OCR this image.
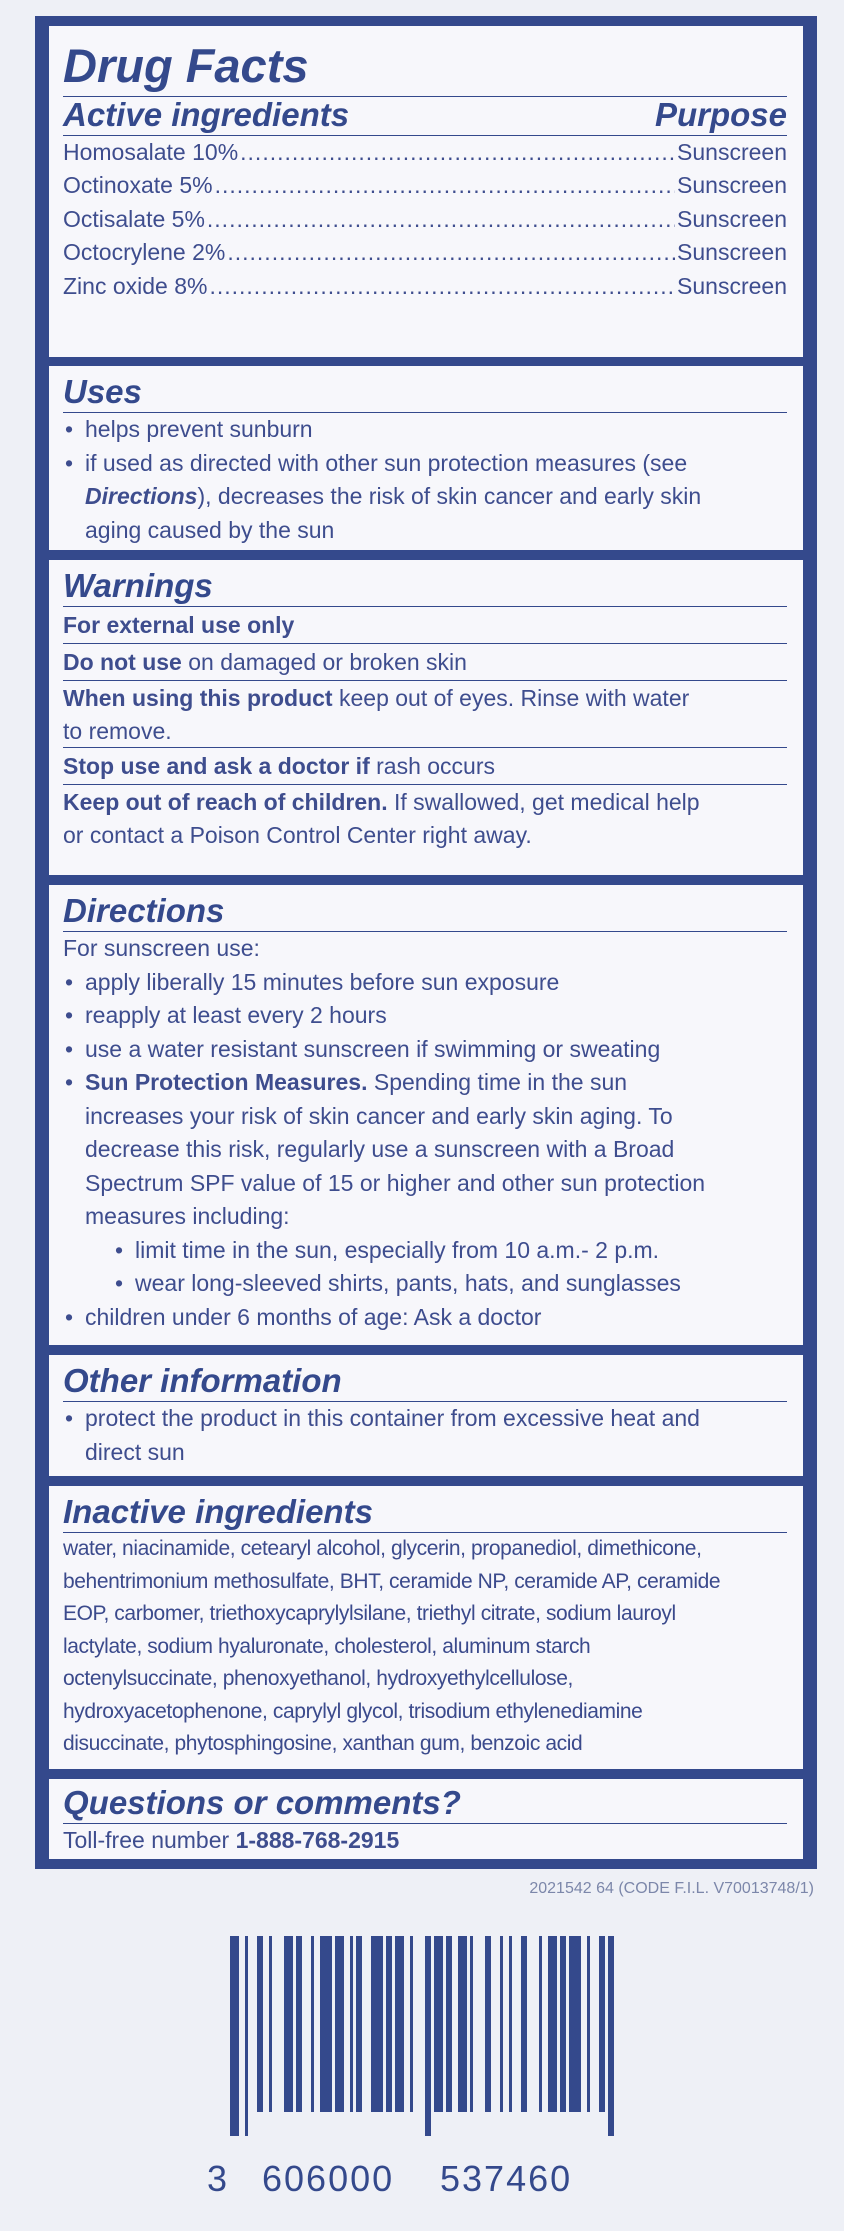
Drug Facts
Active ingredients	Purpose
Homosalate 10% .....	Sunscreen
Octinoxate 5% .....	Sunscreen
Octisalate 5% .....	Sunscreen
Octocrylene 2% .....	Sunscreen
Zinc oxide 8% .....	Sunscreen
Uses
• helps prevent sunburn
• if used as directed with other sun protection measures (see
Directions), decreases the risk of skin cancer and early skin
aging caused by the sun
Warnings
For external use only
Do not use on damaged or broken skin
When using this product keep out of eyes. Rinse with water
to remove.
Stop use and ask a doctor if rash occurs
Keep out of reach of children. If swallowed, get medical help
or contact a Poison Control Center right away.
Directions
For sunscreen use:
• apply liberally 15 minutes before sun exposure
• reapply at least every 2 hours
• use a water resistant sunscreen if swimming or sweating
• Sun Protection Measures. Spending time in the sun
increases your risk of skin cancer and early skin aging. To
decrease this risk, regularly use a sunscreen with a Broad
Spectrum SPF value of 15 or higher and other sun protection
measures including:
• limit time in the sun, especially from 10 a.m.- 2 p.m.
• wear long-sleeved shirts, pants, hats, and sunglasses
• children under 6 months of age: Ask a doctor
Other information
• protect the product in this container from excessive heat and
direct sun
Inactive ingredients
water, niacinamide, cetearyl alcohol, glycerin, propanediol, dimethicone,
behentrimonium methosulfate, BHT, ceramide NP, ceramide AP, ceramide
EOP, carbomer, triethoxycaprylylsilane, triethyl citrate, sodium lauroyl
lactylate, sodium hyaluronate, cholesterol, aluminum starch
octenylsuccinate, phenoxyethanol, hydroxyethylcellulose,
hydroxyacetophenone, caprylyl glycol, trisodium ethylenediamine
disuccinate, phytosphingosine, xanthan gum, benzoic acid
Questions or comments?
Toll-free number 1-888-768-2915
2021542 64 (CODE F.I.L. V70013748/1)
3 606000 537460
